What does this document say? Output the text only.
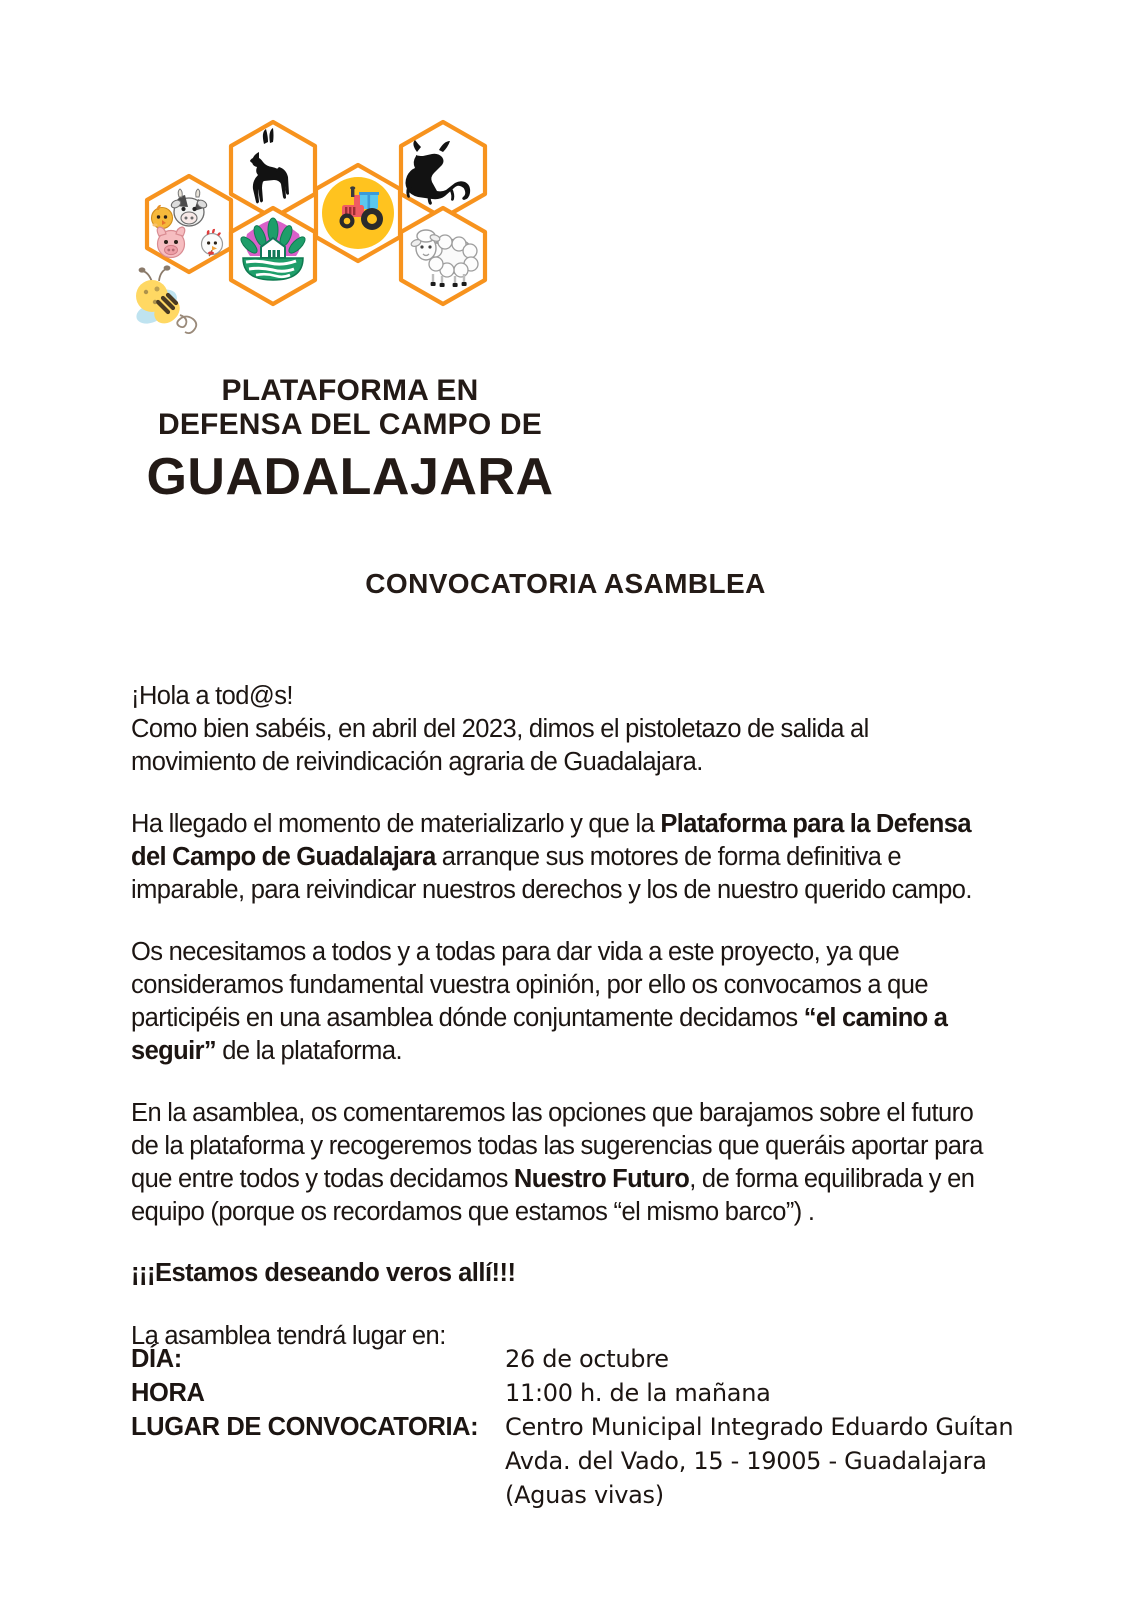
PLATAFORMA EN
DEFENSA DEL CAMPO DE
GUADALAJARA
CONVOCATORIA ASAMBLEA

¡Hola a tod@s!
Como bien sabéis, en abril del 2023, dimos el pistoletazo de salida al movimiento de reivindicación agraria de Guadalajara.

Ha llegado el momento de materializarlo y que la Plataforma para la Defensa del Campo de Guadalajara arranque sus motores de forma definitiva e imparable, para reivindicar nuestros derechos y los de nuestro querido campo.

Os necesitamos a todos y a todas para dar vida a este proyecto, ya que consideramos fundamental vuestra opinión, por ello os convocamos a que participéis en una asamblea dónde conjuntamente decidamos “el camino a seguir” de la plataforma.

En la asamblea, os comentaremos las opciones que barajamos sobre el futuro de la plataforma y recogeremos todas las sugerencias que queráis aportar para que entre todos y todas decidamos Nuestro Futuro, de forma equilibrada y en equipo (porque os recordamos que estamos “el mismo barco”) .

¡¡¡Estamos deseando veros allí!!!

La asamblea tendrá lugar en:

DÍA:	26 de octubre
HORA	11:00 h. de la mañana
LUGAR DE CONVOCATORIA:	Centro Municipal Integrado Eduardo Guítan
Avda. del Vado, 15 - 19005 - Guadalajara
(Aguas vivas)
